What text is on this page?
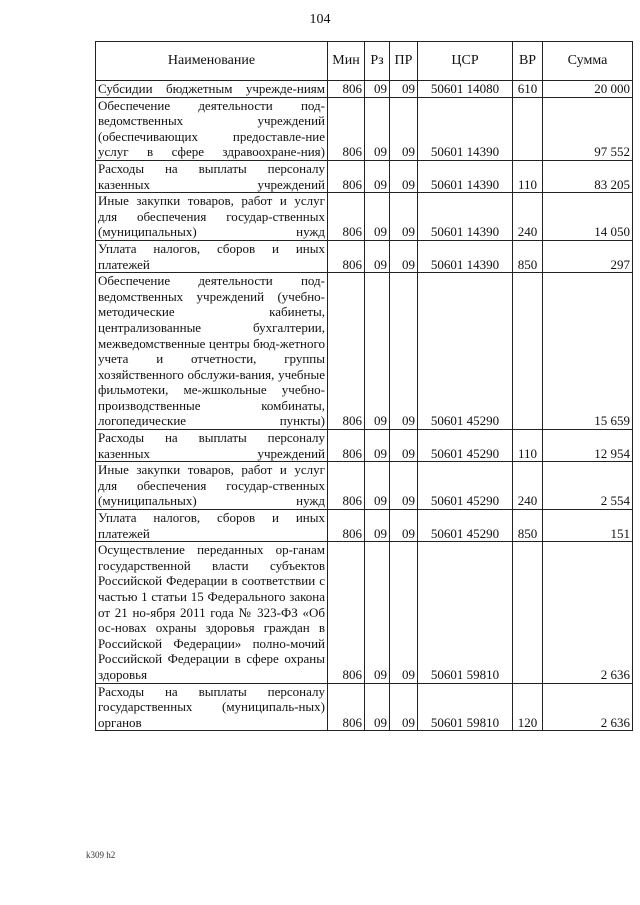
104
Наименование	Мин	Рз	ПР	ЦСР	ВР	Сумма
Субсидии бюджетным учрежде-ниям	806	09	09	50601 14080	610	20 000
Обеспечение деятельности под-ведомственных учреждений (обеспечивающих предоставле-ние услуг в сфере здравоохране-ния)	806	09	09	50601 14390		97 552
Расходы на выплаты персоналу казенных учреждений	806	09	09	50601 14390	110	83 205
Иные закупки товаров, работ и услуг для обеспечения государ-ственных (муниципальных) нужд	806	09	09	50601 14390	240	14 050
Уплата налогов, сборов и иных платежей	806	09	09	50601 14390	850	297
Обеспечение деятельности под-ведомственных учреждений (учебно-методические кабинеты, централизованные бухгалтерии, межведомственные центры бюд-жетного учета и отчетности, группы хозяйственного обслужи-вания, учебные фильмотеки, ме-жшкольные учебно-производственные комбинаты, логопедические пункты)	806	09	09	50601 45290		15 659
Расходы на выплаты персоналу казенных учреждений	806	09	09	50601 45290	110	12 954
Иные закупки товаров, работ и услуг для обеспечения государ-ственных (муниципальных) нужд	806	09	09	50601 45290	240	2 554
Уплата налогов, сборов и иных платежей	806	09	09	50601 45290	850	151
Осуществление переданных ор-ганам государственной власти субъектов Российской Федерации в соответствии с частью 1 статьи 15 Федерального закона от 21 но-ября 2011 года № 323-ФЗ «Об ос-новах охраны здоровья граждан в Российской Федерации» полно-мочий Российской Федерации в сфере охраны здоровья	806	09	09	50601 59810		2 636
Расходы на выплаты персоналу государственных (муниципаль-ных) органов	806	09	09	50601 59810	120	2 636
k309 h2
